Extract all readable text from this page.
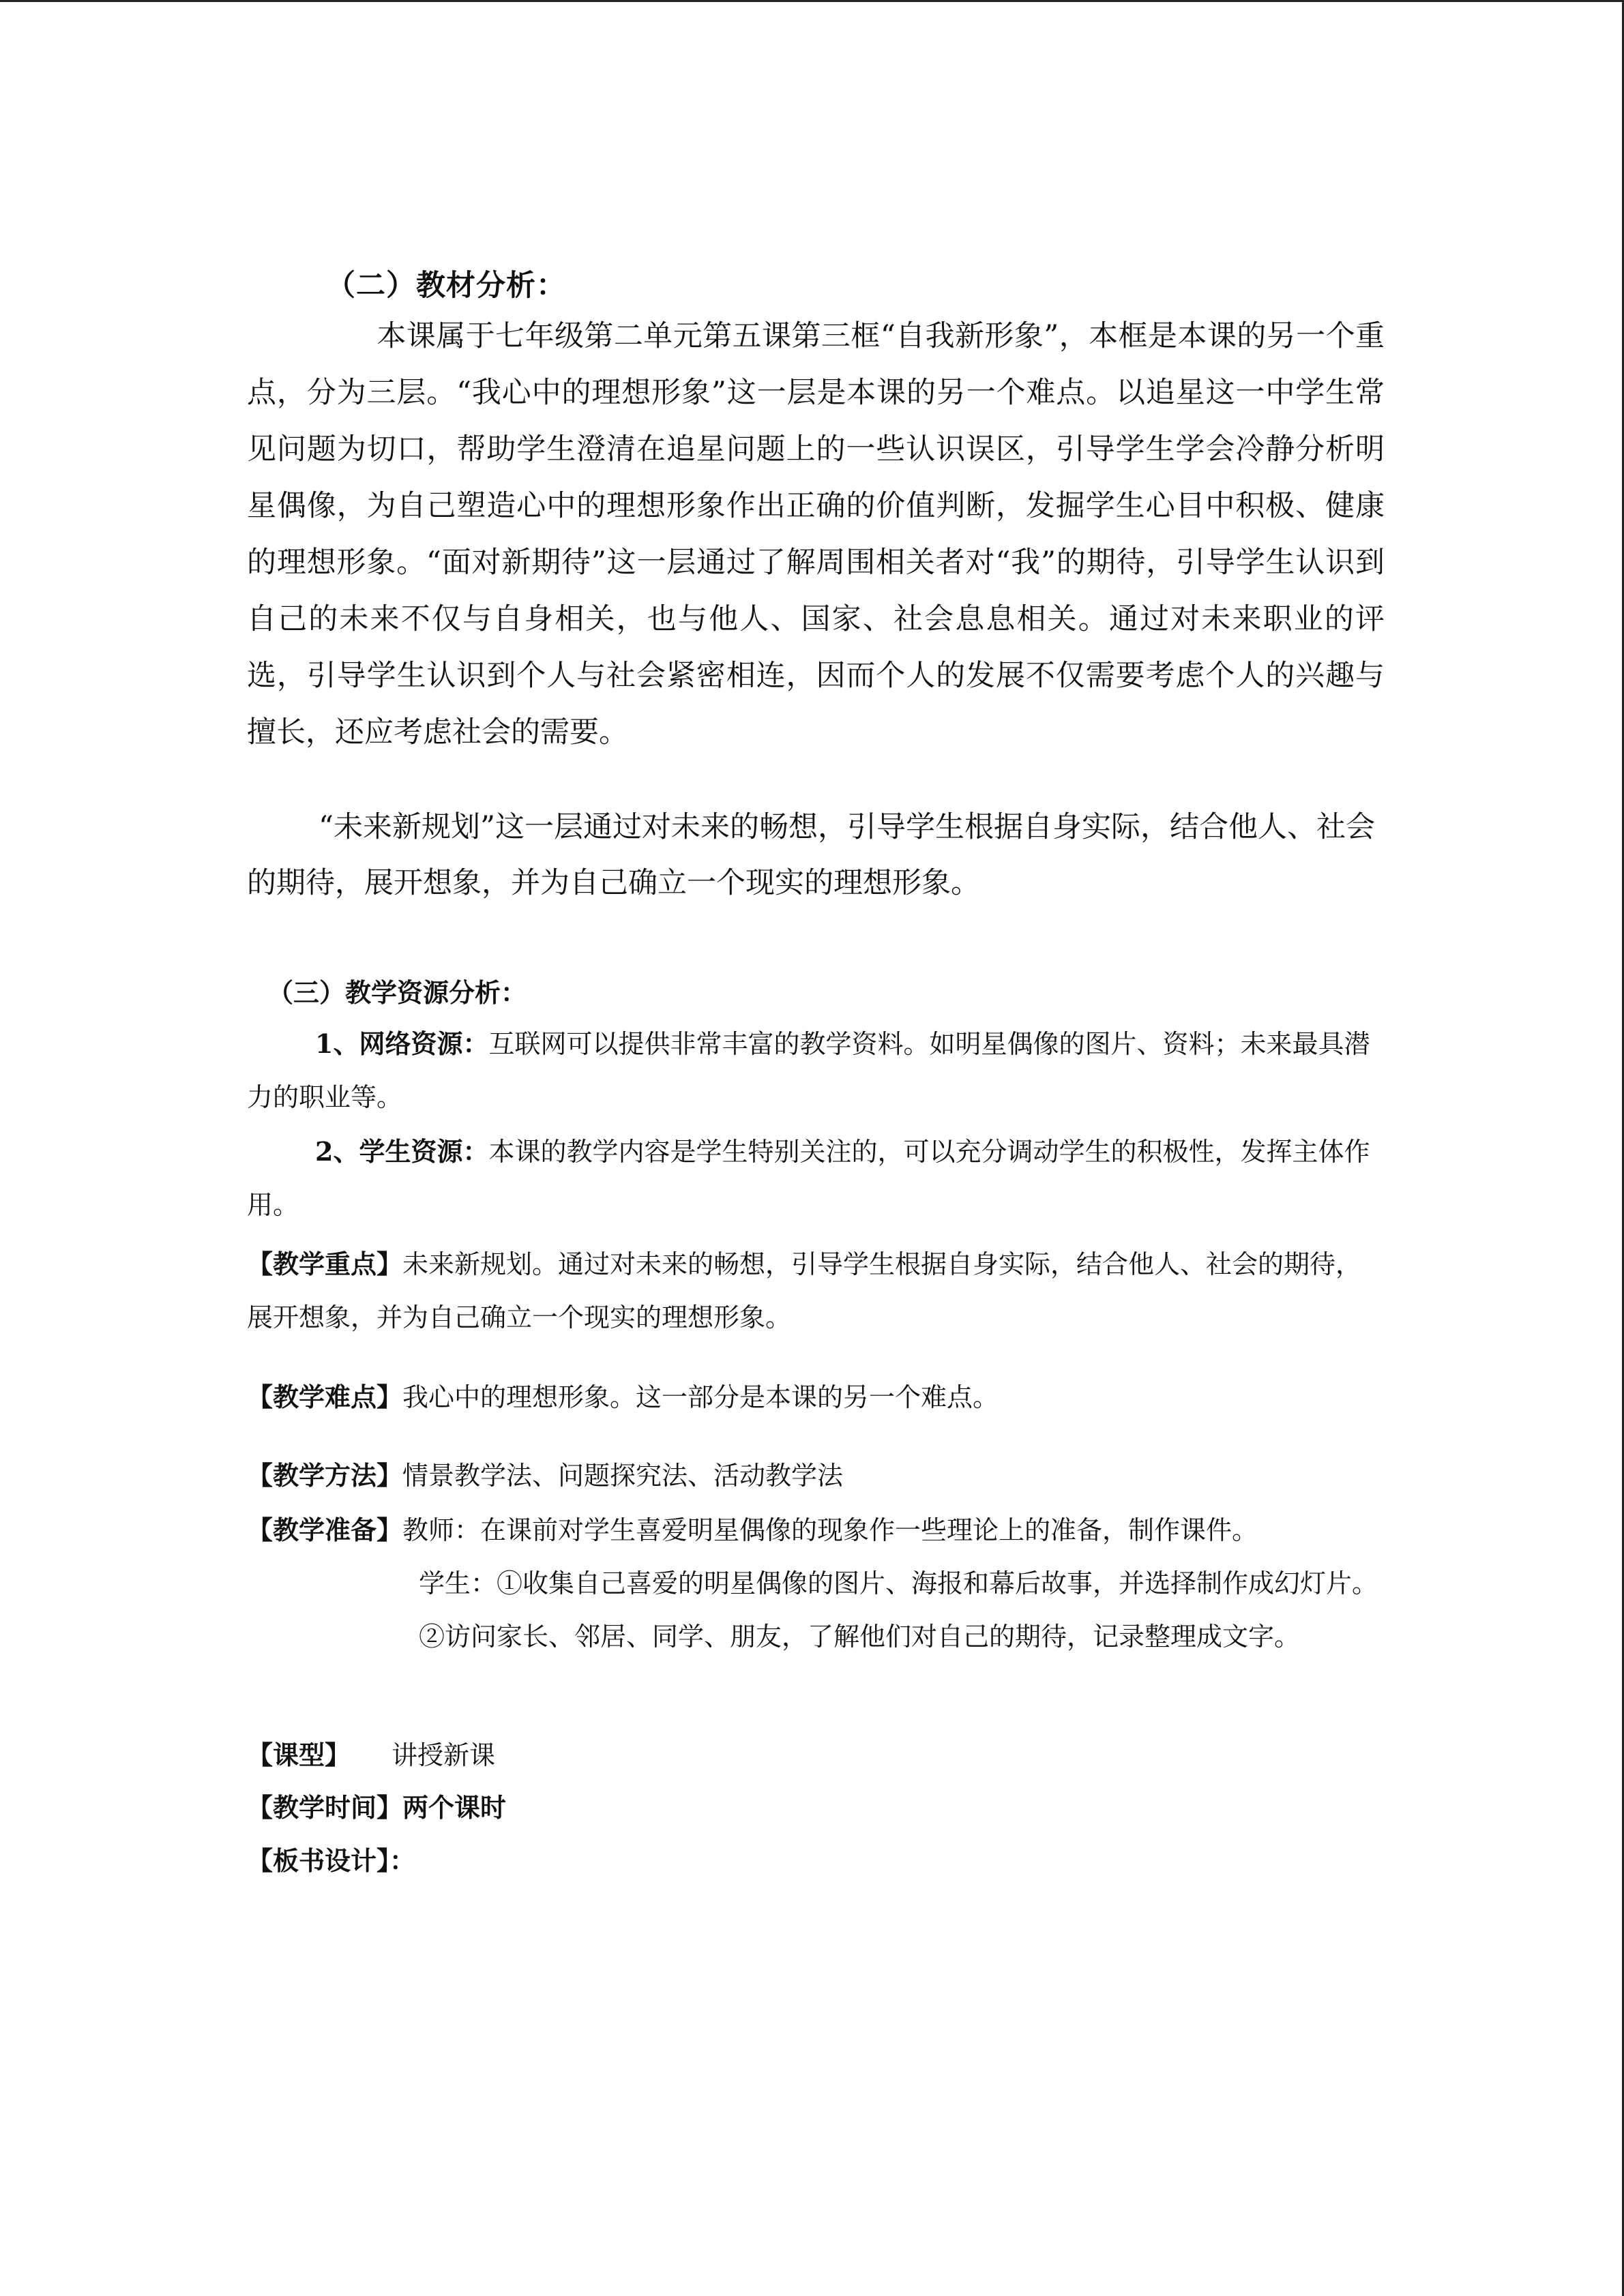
（二）教材分析：
本课属于七年级第二单元第五课第三框“自我新形象”，本框是本课的另一个重点，分为三层。“我心中的理想形象”这一层是本课的另一个难点。以追星这一中学生常见问题为切口，帮助学生澄清在追星问题上的一些认识误区，引导学生学会冷静分析明星偶像，为自己塑造心中的理想形象作出正确的价值判断，发掘学生心目中积极、健康的理想形象。“面对新期待”这一层通过了解周围相关者对“我”的期待，引导学生认识到自己的未来不仅与自身相关，也与他人、国家、社会息息相关。通过对未来职业的评选，引导学生认识到个人与社会紧密相连，因而个人的发展不仅需要考虑个人的兴趣与擅长，还应考虑社会的需要。
“未来新规划”这一层通过对未来的畅想，引导学生根据自身实际，结合他人、社会的期待，展开想象，并为自己确立一个现实的理想形象。
（三）教学资源分析：
1、网络资源：互联网可以提供非常丰富的教学资料。如明星偶像的图片、资料；未来最具潜力的职业等。
2、学生资源：本课的教学内容是学生特别关注的，可以充分调动学生的积极性，发挥主体作用。
【教学重点】未来新规划。通过对未来的畅想，引导学生根据自身实际，结合他人、社会的期待，展开想象，并为自己确立一个现实的理想形象。
【教学难点】我心中的理想形象。这一部分是本课的另一个难点。
【教学方法】情景教学法、问题探究法、活动教学法
【教学准备】教师：在课前对学生喜爱明星偶像的现象作一些理论上的准备，制作课件。
学生：①收集自己喜爱的明星偶像的图片、海报和幕后故事，并选择制作成幻灯片。②访问家长、邻居、同学、朋友，了解他们对自己的期待，记录整理成文字。
【课型】 讲授新课
【教学时间】两个课时
【板书设计】：
